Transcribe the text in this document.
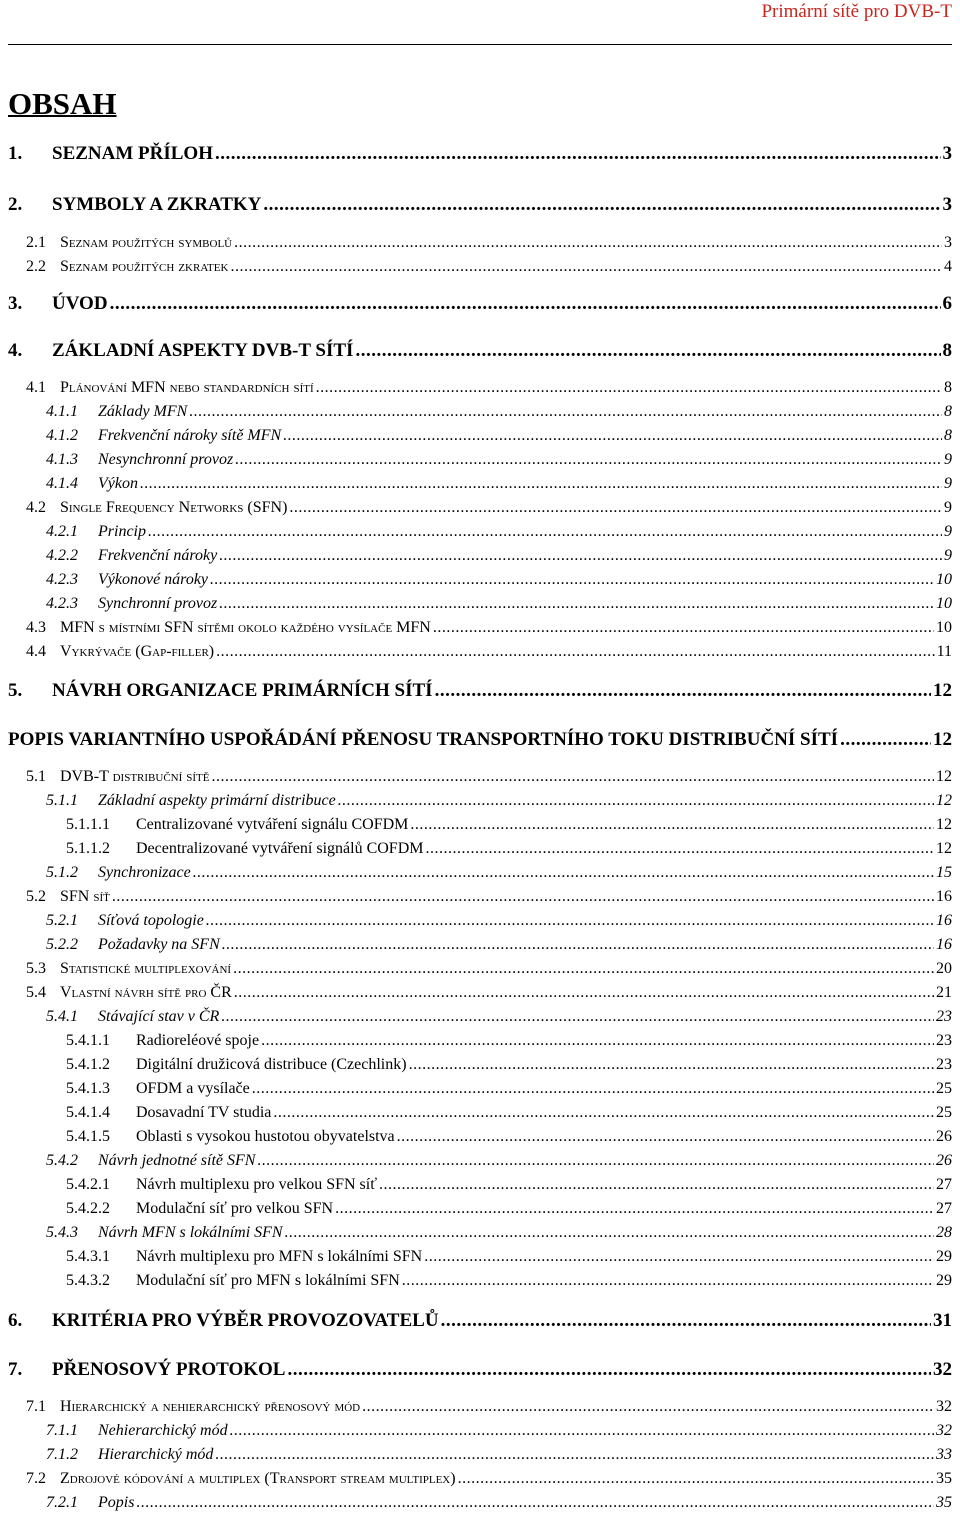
Primární sítě pro DVB-T
OBSAH
1.	SEZNAM PŘÍLOH .....	3
2.	SYMBOLY A ZKRATKY .....	3
2.1 Seznam použitých symbolů .....	3
2.2 Seznam použitých zkratek .....	4
3.	ÚVOD .....	6
4.	ZÁKLADNÍ ASPEKTY DVB-T SÍTÍ .....	8
4.1 Plánování MFN nebo standardních sítí .....	8
4.1.1	Základy MFN .....	8
4.1.2	Frekvenční nároky sítě MFN .....	8
4.1.3	Nesynchronní provoz .....	9
4.1.4	Výkon .....	9
4.2 Single Frequency Networks (SFN) .....	9
4.2.1	Princip .....	9
4.2.2	Frekvenční nároky .....	9
4.2.3	Výkonové nároky .....	10
4.2.3	Synchronní provoz .....	10
4.3 MFN s místními SFN sítěmi okolo každého vysílače MFN .....	10
4.4 Vykrývače (Gap-filler) .....	11
5.	NÁVRH ORGANIZACE PRIMÁRNÍCH SÍTÍ .....	12
POPIS VARIANTNÍHO USPOŘÁDÁNÍ PŘENOSU TRANSPORTNÍHO TOKU DISTRIBUČNÍ SÍTÍ .....	12
5.1 DVB-T distribuční sítě .....	12
5.1.1	Základní aspekty primární distribuce .....	12
5.1.1.1	Centralizované vytváření signálu COFDM .....	12
5.1.1.2	Decentralizované vytváření signálů COFDM .....	12
5.1.2	Synchronizace .....	15
5.2 SFN síť .....	16
5.2.1	Síťová topologie .....	16
5.2.2	Požadavky na SFN .....	16
5.3 Statistické multiplexování .....	20
5.4 Vlastní návrh sítě pro ČR .....	21
5.4.1	Stávající stav v ČR .....	23
5.4.1.1	Radioreléové spoje .....	23
5.4.1.2	Digitální družicová distribuce (Czechlink) .....	23
5.4.1.3	OFDM a vysílače .....	25
5.4.1.4	Dosavadní TV studia .....	25
5.4.1.5	Oblasti s vysokou hustotou obyvatelstva .....	26
5.4.2	Návrh jednotné sítě SFN .....	26
5.4.2.1	Návrh multiplexu pro velkou SFN síť .....	27
5.4.2.2	Modulační síť pro velkou SFN .....	27
5.4.3	Návrh MFN s lokálními SFN .....	28
5.4.3.1	Návrh multiplexu pro MFN s lokálními SFN .....	29
5.4.3.2	Modulační síť pro MFN s lokálními SFN .....	29
6.	KRITÉRIA PRO VÝBĚR PROVOZOVATELŮ .....	31
7.	PŘENOSOVÝ PROTOKOL .....	32
7.1 Hierarchický a nehierarchický přenosový mód .....	32
7.1.1	Nehierarchický mód .....	32
7.1.2	Hierarchický mód .....	33
7.2 Zdrojové kódování a multiplex (Transport stream multiplex) .....	35
7.2.1	Popis .....	35
